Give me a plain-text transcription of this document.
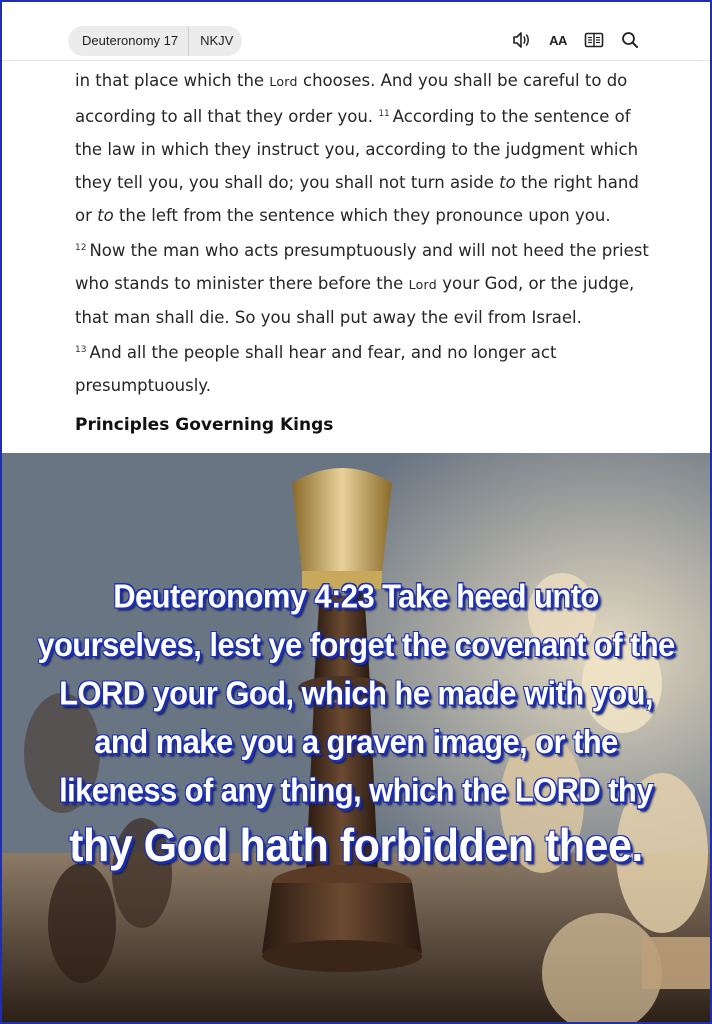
Deuteronomy 17	NKJV	AA

in that place which the Lord chooses. And you shall be careful to do according to all that they order you. $^{11}$ According to the sentence of the law in which they instruct you, according to the judgment which they tell you, you shall do; you shall not turn aside to the right hand or to the left from the sentence which they pronounce upon you.

$^{12}$ Now the man who acts presumptuously and will not heed the priest who stands to minister there before the Lord your God, or the judge, that man shall die. So you shall put away the evil from Israel.

$^{13}$ And all the people shall hear and fear, and no longer act presumptuously.

Principles Governing Kings
Deuteronomy 4:23 Take heed unto
yourselves, lest ye forget the covenant of the
LORD your God, which he made with you,
and make you a graven image, or the
likeness of any thing, which the LORD thy
thy God hath forbidden thee.
